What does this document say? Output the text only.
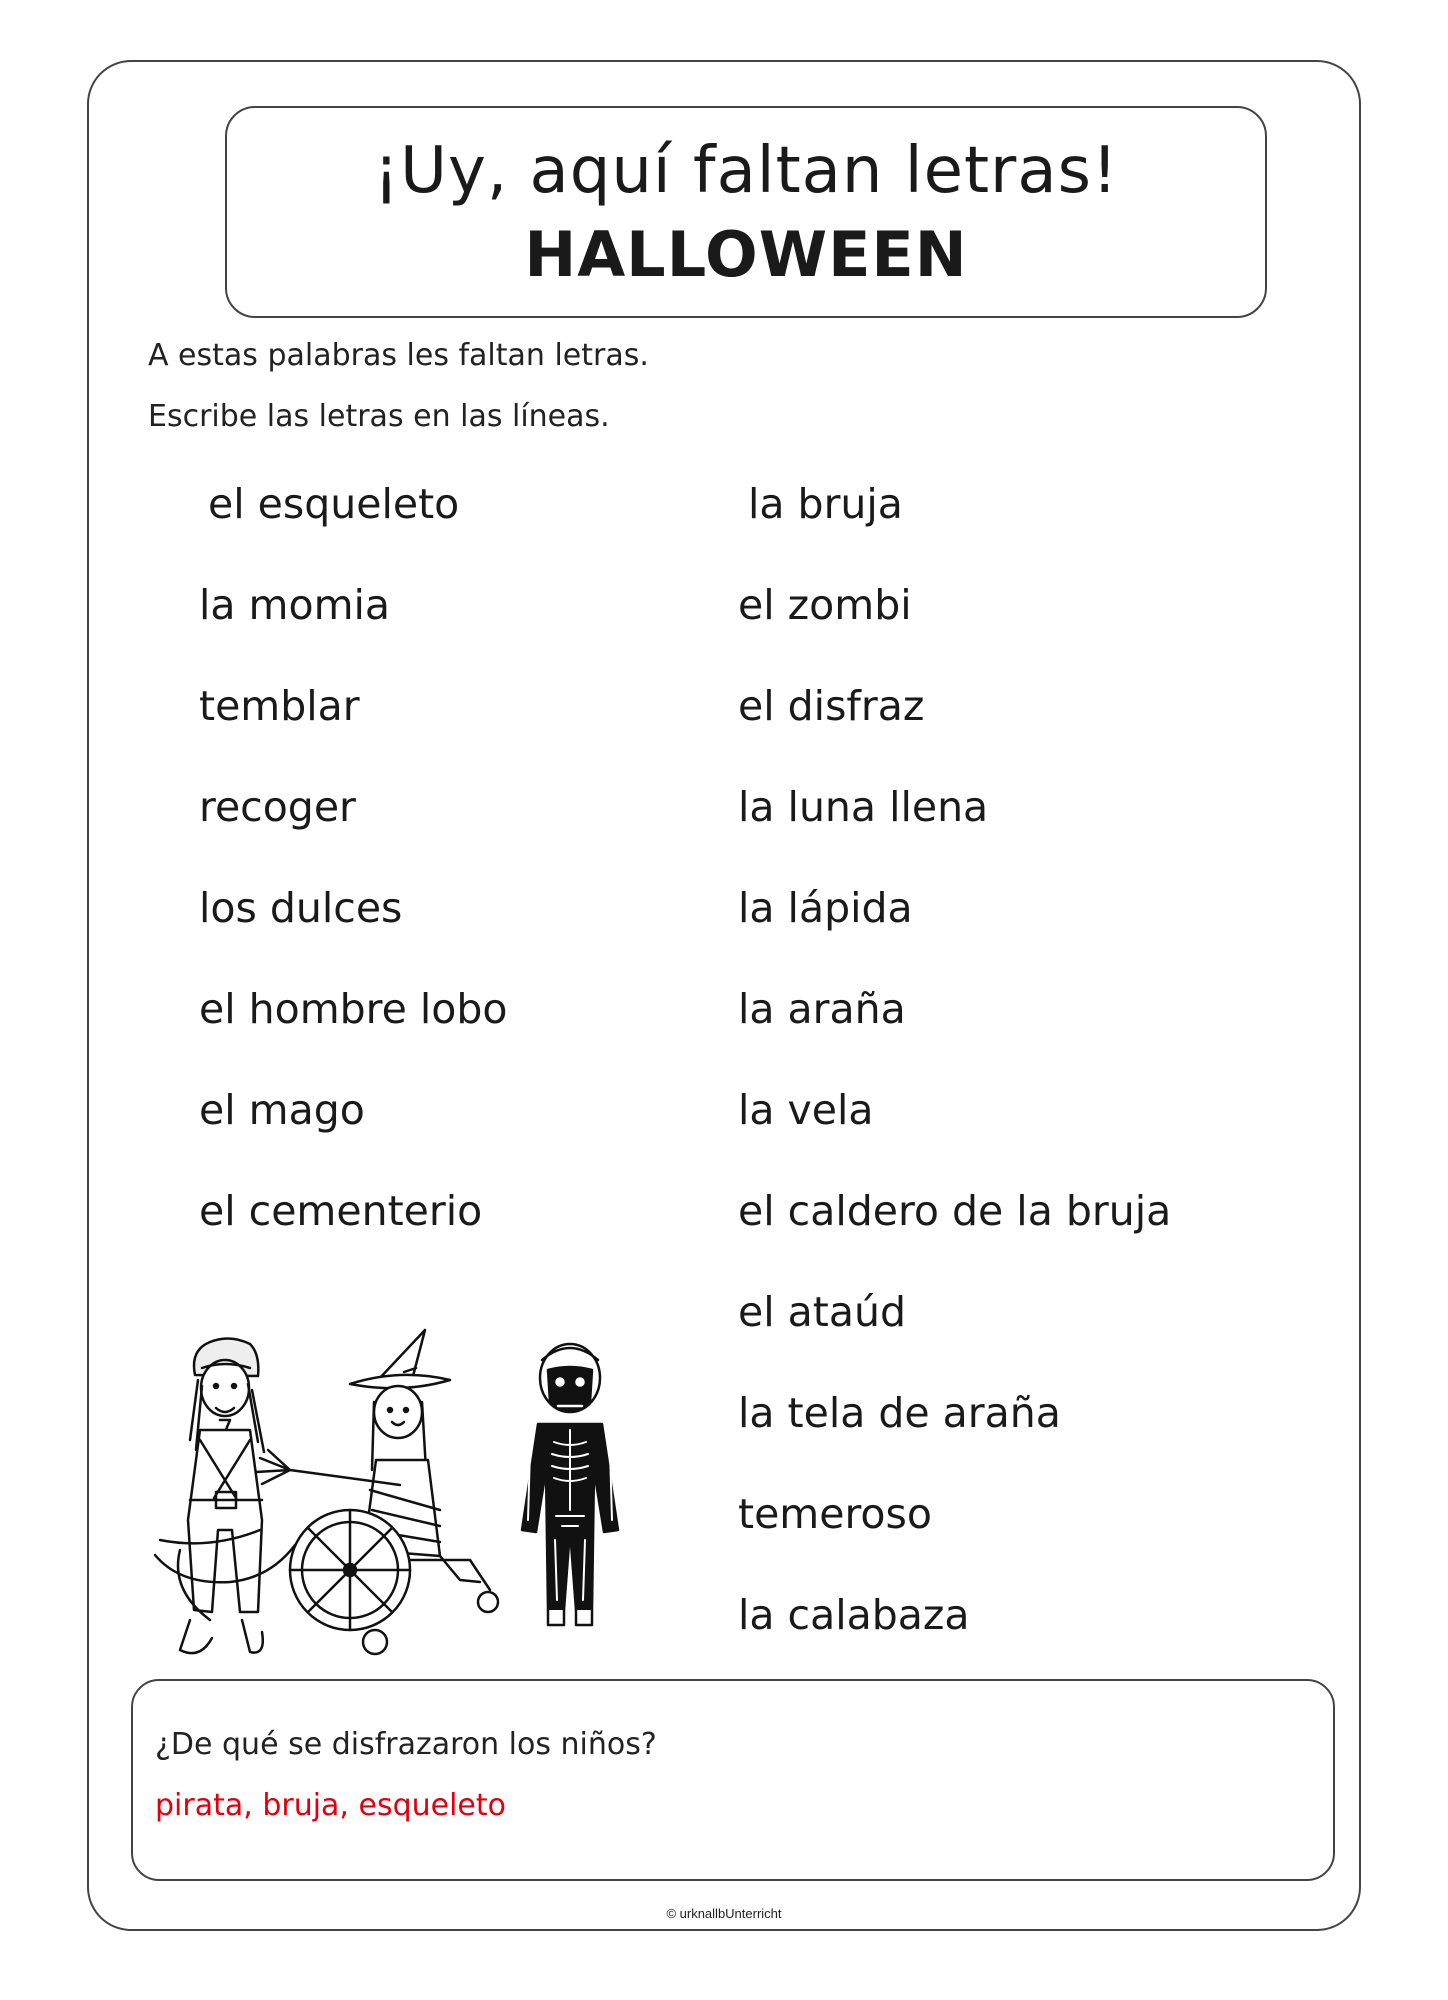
¡Uy, aquí faltan letras!
HALLOWEEN
A estas palabras les faltan letras.
Escribe las letras en las líneas.
el esqueleto
la momia
temblar
recoger
los dulces
el hombre lobo
el mago
el cementerio
la bruja
el zombi
el disfraz
la luna llena
la lápida
la araña
la vela
el caldero de la bruja
el ataúd
la tela de araña
temeroso
la calabaza
¿De qué se disfrazaron los niños?
pirata, bruja, esqueleto
© urknallbUnterricht
